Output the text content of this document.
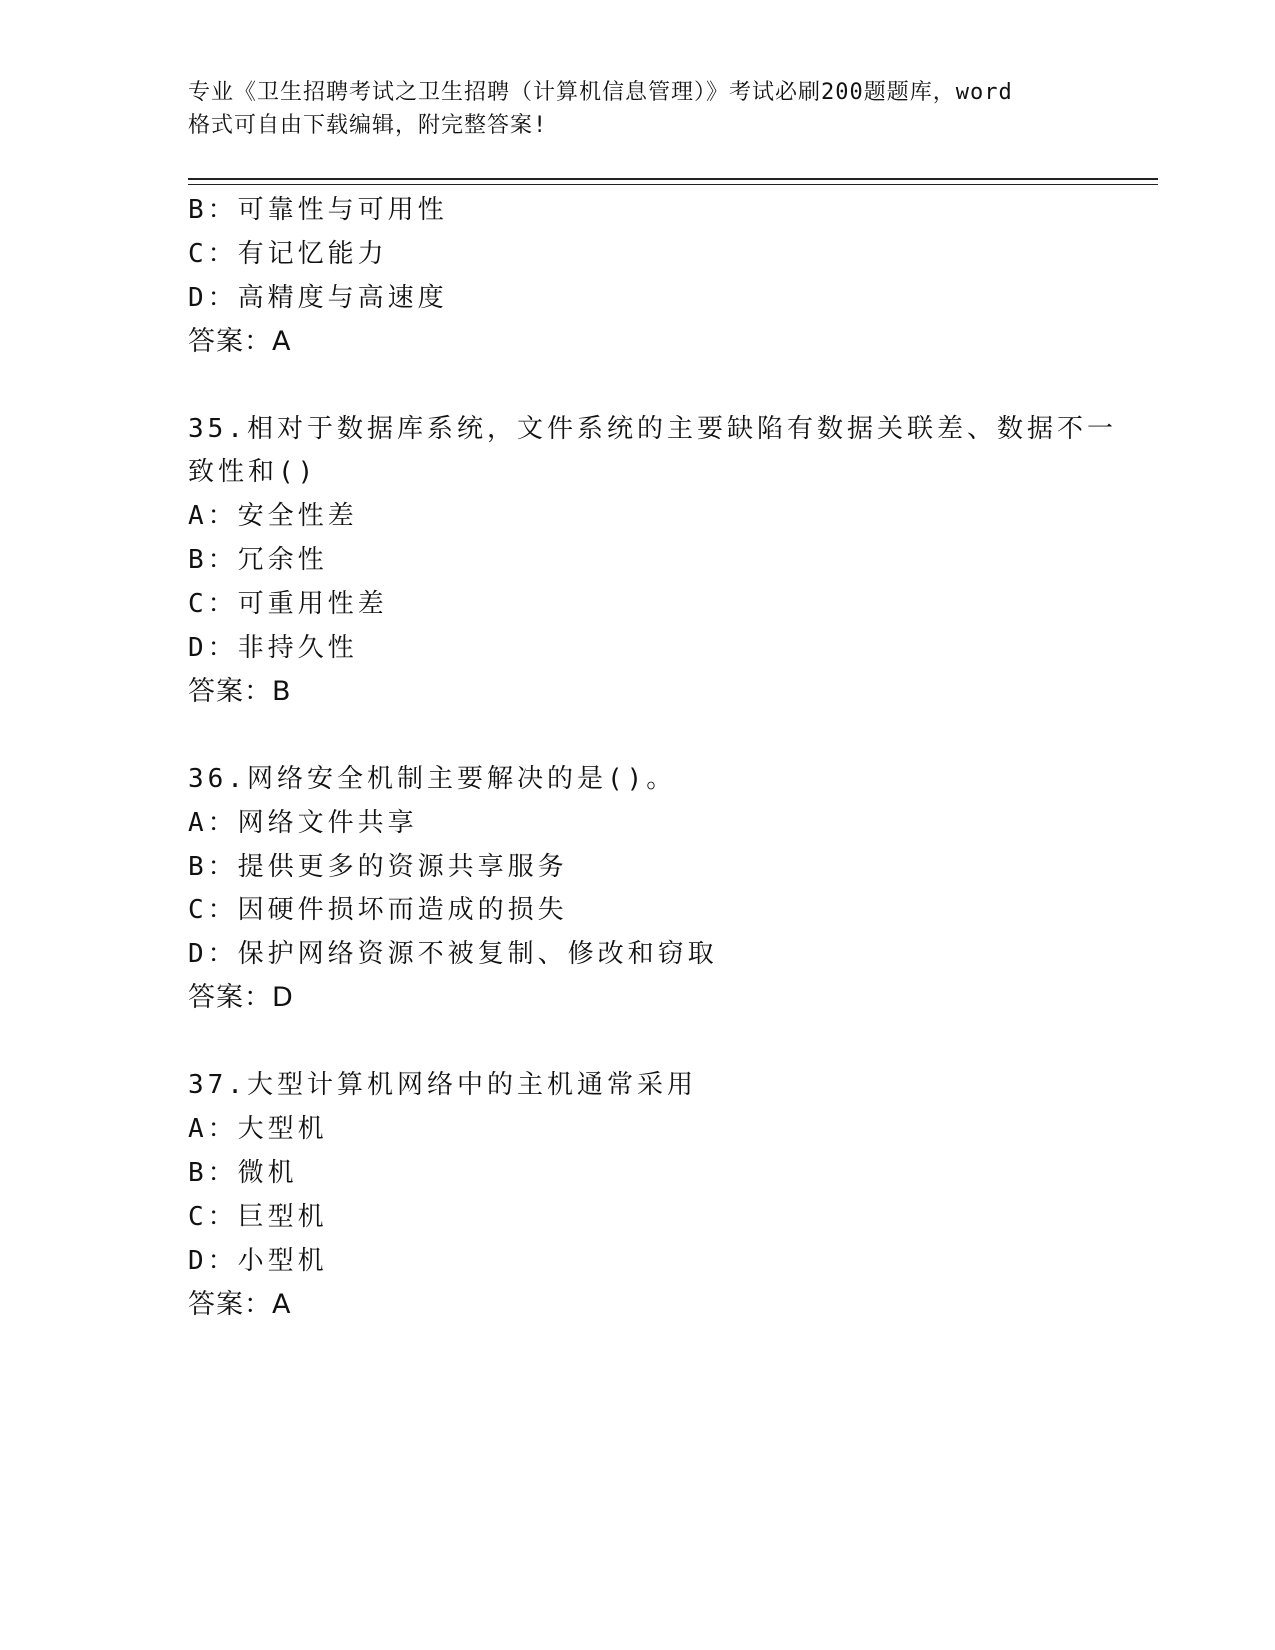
专业《卫生招聘考试之卫生招聘（计算机信息管理）》考试必刷200题题库，word
格式可自由下载编辑，附完整答案!
B：可靠性与可用性
C：有记忆能力
D：高精度与高速度
答案：A
35.相对于数据库系统，文件系统的主要缺陷有数据关联差、数据不一
致性和()
A：安全性差
B：冗余性
C：可重用性差
D：非持久性
答案：B
36.网络安全机制主要解决的是()。
A：网络文件共享
B：提供更多的资源共享服务
C：因硬件损坏而造成的损失
D：保护网络资源不被复制、修改和窃取
答案：D
37.大型计算机网络中的主机通常采用
A：大型机
B：微机
C：巨型机
D：小型机
答案：A
